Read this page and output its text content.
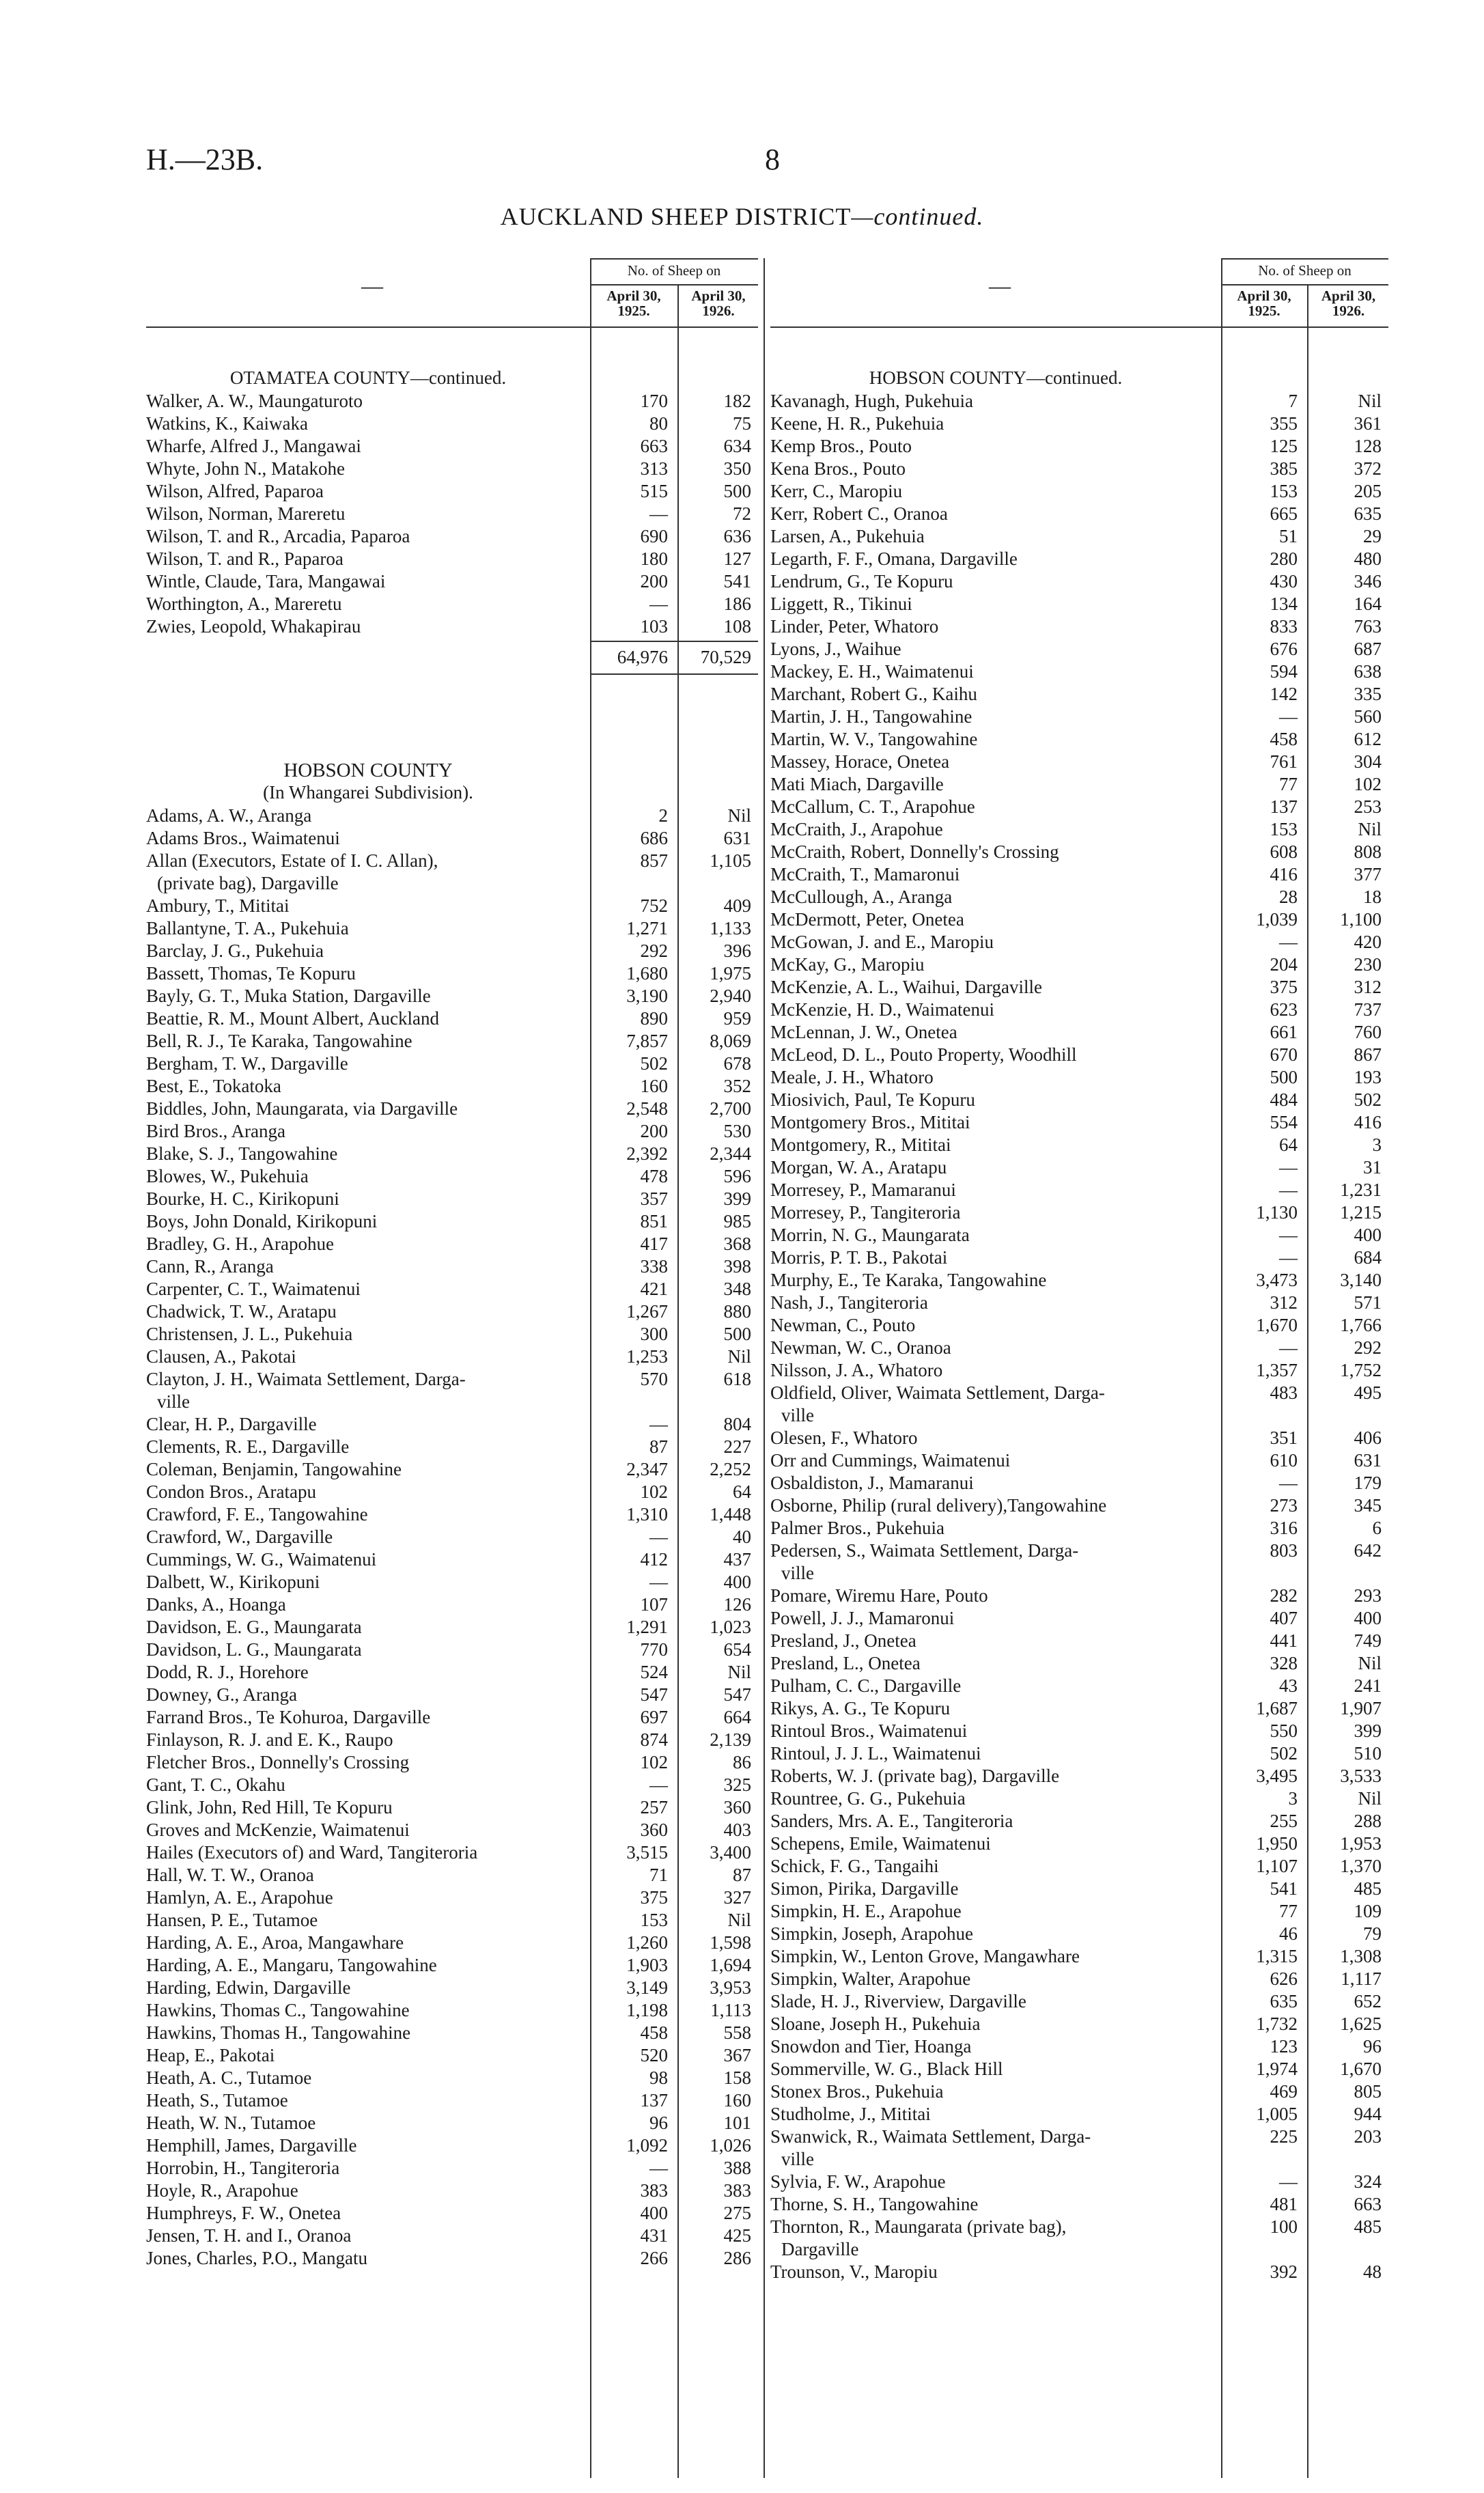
H.—23B.	8
AUCKLAND SHEEP DISTRICT—continued.
No. of Sheep on
April 30, 1925.
April 30, 1926.
—
OTAMATEA COUNTY—continued.
Walker, A. W., Maungaturoto	170	182
Watkins, K., Kaiwaka	80	75
Wharfe, Alfred J., Mangawai	663	634
Whyte, John N., Matakohe	313	350
Wilson, Alfred, Paparoa	515	500
Wilson, Norman, Mareretu	—	72
Wilson, T. and R., Arcadia, Paparoa	690	636
Wilson, T. and R., Paparoa	180	127
Wintle, Claude, Tara, Mangawai	200	541
Worthington, A., Mareretu	—	186
Zwies, Leopold, Whakapirau	103	108
64,976	70,529
HOBSON COUNTY
(In Whangarei Subdivision).
Adams, A. W., Aranga	2	Nil
Adams Bros., Waimatenui	686	631
Allan (Executors, Estate of I. C. Allan),	857	1,105
(private bag), Dargaville
Ambury, T., Mititai	752	409
Ballantyne, T. A., Pukehuia	1,271	1,133
Barclay, J. G., Pukehuia	292	396
Bassett, Thomas, Te Kopuru	1,680	1,975
Bayly, G. T., Muka Station, Dargaville	3,190	2,940
Beattie, R. M., Mount Albert, Auckland	890	959
Bell, R. J., Te Karaka, Tangowahine	7,857	8,069
Bergham, T. W., Dargaville	502	678
Best, E., Tokatoka	160	352
Biddles, John, Maungarata, via Dargaville	2,548	2,700
Bird Bros., Aranga	200	530
Blake, S. J., Tangowahine	2,392	2,344
Blowes, W., Pukehuia	478	596
Bourke, H. C., Kirikopuni	357	399
Boys, John Donald, Kirikopuni	851	985
Bradley, G. H., Arapohue	417	368
Cann, R., Aranga	338	398
Carpenter, C. T., Waimatenui	421	348
Chadwick, T. W., Aratapu	1,267	880
Christensen, J. L., Pukehuia	300	500
Clausen, A., Pakotai	1,253	Nil
Clayton, J. H., Waimata Settlement, Darga-	570	618
ville
Clear, H. P., Dargaville	—	804
Clements, R. E., Dargaville	87	227
Coleman, Benjamin, Tangowahine	2,347	2,252
Condon Bros., Aratapu	102	64
Crawford, F. E., Tangowahine	1,310	1,448
Crawford, W., Dargaville	—	40
Cummings, W. G., Waimatenui	412	437
Dalbett, W., Kirikopuni	—	400
Danks, A., Hoanga	107	126
Davidson, E. G., Maungarata	1,291	1,023
Davidson, L. G., Maungarata	770	654
Dodd, R. J., Horehore	524	Nil
Downey, G., Aranga	547	547
Farrand Bros., Te Kohuroa, Dargaville	697	664
Finlayson, R. J. and E. K., Raupo	874	2,139
Fletcher Bros., Donnelly's Crossing	102	86
Gant, T. C., Okahu	—	325
Glink, John, Red Hill, Te Kopuru	257	360
Groves and McKenzie, Waimatenui	360	403
Hailes (Executors of) and Ward, Tangiteroria	3,515	3,400
Hall, W. T. W., Oranoa	71	87
Hamlyn, A. E., Arapohue	375	327
Hansen, P. E., Tutamoe	153	Nil
Harding, A. E., Aroa, Mangawhare	1,260	1,598
Harding, A. E., Mangaru, Tangowahine	1,903	1,694
Harding, Edwin, Dargaville	3,149	3,953
Hawkins, Thomas C., Tangowahine	1,198	1,113
Hawkins, Thomas H., Tangowahine	458	558
Heap, E., Pakotai	520	367
Heath, A. C., Tutamoe	98	158
Heath, S., Tutamoe	137	160
Heath, W. N., Tutamoe	96	101
Hemphill, James, Dargaville	1,092	1,026
Horrobin, H., Tangiteroria	—	388
Hoyle, R., Arapohue	383	383
Humphreys, F. W., Onetea	400	275
Jensen, T. H. and I., Oranoa	431	425
Jones, Charles, P.O., Mangatu	266	286
No. of Sheep on
April 30, 1925.
April 30, 1926.
—
HOBSON COUNTY—continued.
Kavanagh, Hugh, Pukehuia	7	Nil
Keene, H. R., Pukehuia	355	361
Kemp Bros., Pouto	125	128
Kena Bros., Pouto	385	372
Kerr, C., Maropiu	153	205
Kerr, Robert C., Oranoa	665	635
Larsen, A., Pukehuia	51	29
Legarth, F. F., Omana, Dargaville	280	480
Lendrum, G., Te Kopuru	430	346
Liggett, R., Tikinui	134	164
Linder, Peter, Whatoro	833	763
Lyons, J., Waihue	676	687
Mackey, E. H., Waimatenui	594	638
Marchant, Robert G., Kaihu	142	335
Martin, J. H., Tangowahine	—	560
Martin, W. V., Tangowahine	458	612
Massey, Horace, Onetea	761	304
Mati Miach, Dargaville	77	102
McCallum, C. T., Arapohue	137	253
McCraith, J., Arapohue	153	Nil
McCraith, Robert, Donnelly's Crossing	608	808
McCraith, T., Mamaronui	416	377
McCullough, A., Aranga	28	18
McDermott, Peter, Onetea	1,039	1,100
McGowan, J. and E., Maropiu	—	420
McKay, G., Maropiu	204	230
McKenzie, A. L., Waihui, Dargaville	375	312
McKenzie, H. D., Waimatenui	623	737
McLennan, J. W., Onetea	661	760
McLeod, D. L., Pouto Property, Woodhill	670	867
Meale, J. H., Whatoro	500	193
Miosivich, Paul, Te Kopuru	484	502
Montgomery Bros., Mititai	554	416
Montgomery, R., Mititai	64	3
Morgan, W. A., Aratapu	—	31
Morresey, P., Mamaranui	—	1,231
Morresey, P., Tangiteroria	1,130	1,215
Morrin, N. G., Maungarata	—	400
Morris, P. T. B., Pakotai	—	684
Murphy, E., Te Karaka, Tangowahine	3,473	3,140
Nash, J., Tangiteroria	312	571
Newman, C., Pouto	1,670	1,766
Newman, W. C., Oranoa	—	292
Nilsson, J. A., Whatoro	1,357	1,752
Oldfield, Oliver, Waimata Settlement, Darga-	483	495
ville
Olesen, F., Whatoro	351	406
Orr and Cummings, Waimatenui	610	631
Osbaldiston, J., Mamaranui	—	179
Osborne, Philip (rural delivery),Tangowahine	273	345
Palmer Bros., Pukehuia	316	6
Pedersen, S., Waimata Settlement, Darga-	803	642
ville
Pomare, Wiremu Hare, Pouto	282	293
Powell, J. J., Mamaronui	407	400
Presland, J., Onetea	441	749
Presland, L., Onetea	328	Nil
Pulham, C. C., Dargaville	43	241
Rikys, A. G., Te Kopuru	1,687	1,907
Rintoul Bros., Waimatenui	550	399
Rintoul, J. J. L., Waimatenui	502	510
Roberts, W. J. (private bag), Dargaville	3,495	3,533
Rountree, G. G., Pukehuia	3	Nil
Sanders, Mrs. A. E., Tangiteroria	255	288
Schepens, Emile, Waimatenui	1,950	1,953
Schick, F. G., Tangaihi	1,107	1,370
Simon, Pirika, Dargaville	541	485
Simpkin, H. E., Arapohue	77	109
Simpkin, Joseph, Arapohue	46	79
Simpkin, W., Lenton Grove, Mangawhare	1,315	1,308
Simpkin, Walter, Arapohue	626	1,117
Slade, H. J., Riverview, Dargaville	635	652
Sloane, Joseph H., Pukehuia	1,732	1,625
Snowdon and Tier, Hoanga	123	96
Sommerville, W. G., Black Hill	1,974	1,670
Stonex Bros., Pukehuia	469	805
Studholme, J., Mititai	1,005	944
Swanwick, R., Waimata Settlement, Darga-	225	203
ville
Sylvia, F. W., Arapohue	—	324
Thorne, S. H., Tangowahine	481	663
Thornton, R., Maungarata (private bag),	100	485
Dargaville
Trounson, V., Maropiu	392	48
